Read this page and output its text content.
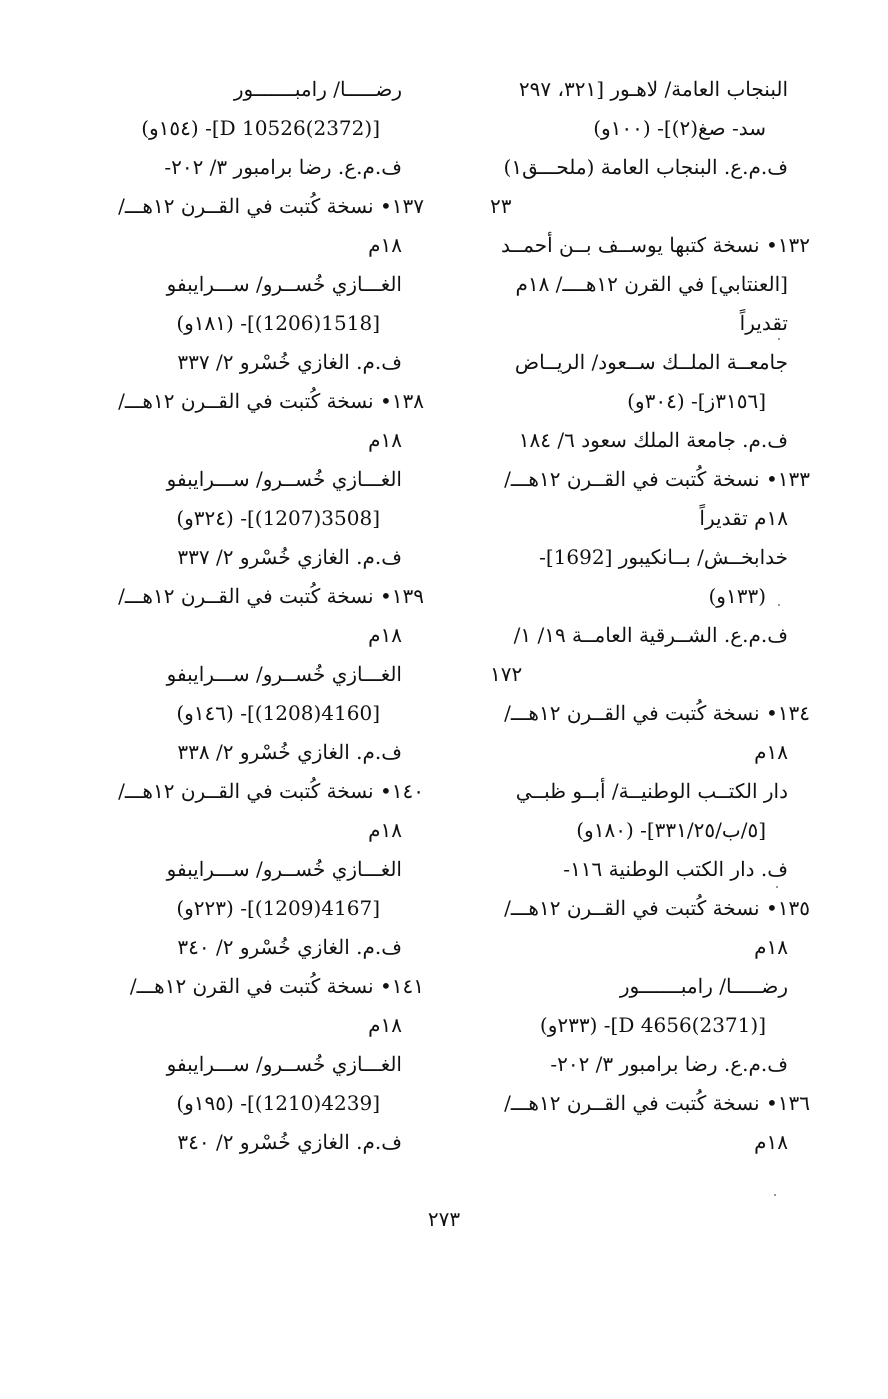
البنجاب العامة/ لاهـور [٣٢١، ٢٩٧
سد- صغ(٢)]- (١٠٠و)
ف.م.ع. البنجاب العامة (ملحـــق١)
٢٣
١٣٢• نسخة كتبها يوســف بــن أحمــد
[العنتابي] في القرن ١٢هــــ/ ١٨م
تقديراً
جامعــة الملــك ســعود/ الريــاض
[٣١٥٦ز]- (٣٠٤و)
ف.م. جامعة الملك سعود ٦/ ١٨٤
١٣٣• نسخة كُتبت في القــرن ١٢هـــ/
١٨م تقديراً
خدابخــش/ بــانكيبور [1692]-
(١٣٣و)
ف.م.ع. الشــرقية العامــة ١٩/ ١/
١٧٢
١٣٤• نسخة كُتبت في القــرن ١٢هـــ/
١٨م
دار الكتــب الوطنيــة/ أبــو ظبــي
[٥/ب/٣٣١/٢٥]- (١٨٠و)
ف. دار الكتب الوطنية ١١٦-
١٣٥• نسخة كُتبت في القــرن ١٢هـــ/
١٨م
رضـــــا/ رامبـــــــور
[(2371)4656 D]- (٢٣٣و)
ف.م.ع. رضا برامبور ٣/ ٢٠٢-
١٣٦• نسخة كُتبت في القــرن ١٢هـــ/
١٨م
رضـــــا/ رامبـــــــور
[(2372)10526 D]- (١٥٤و)
ف.م.ع. رضا برامبور ٣/ ٢٠٢-
١٣٧• نسخة كُتبت في القــرن ١٢هـــ/
١٨م
الغـــازي خُســرو/ ســـرايبفو
[1518(1206)]- (١٨١و)
ف.م. الغازي خُسْرو ٢/ ٣٣٧
١٣٨• نسخة كُتبت في القــرن ١٢هـــ/
١٨م
الغـــازي خُســرو/ ســـرايبفو
[3508(1207)]- (٣٢٤و)
ف.م. الغازي خُسْرو ٢/ ٣٣٧
١٣٩• نسخة كُتبت في القــرن ١٢هـــ/
١٨م
الغـــازي خُســرو/ ســـرايبفو
[4160(1208)]- (١٤٦و)
ف.م. الغازي خُسْرو ٢/ ٣٣٨
١٤٠• نسخة كُتبت في القــرن ١٢هـــ/
١٨م
الغـــازي خُســرو/ ســـرايبفو
[4167(1209)]- (٢٢٣و)
ف.م. الغازي خُسْرو ٢/ ٣٤٠
١٤١• نسخة كُتبت في القرن ١٢هـــ/
١٨م
الغـــازي خُســرو/ ســـرايبفو
[4239(1210)]- (١٩٥و)
ف.م. الغازي خُسْرو ٢/ ٣٤٠
٢٧٣
